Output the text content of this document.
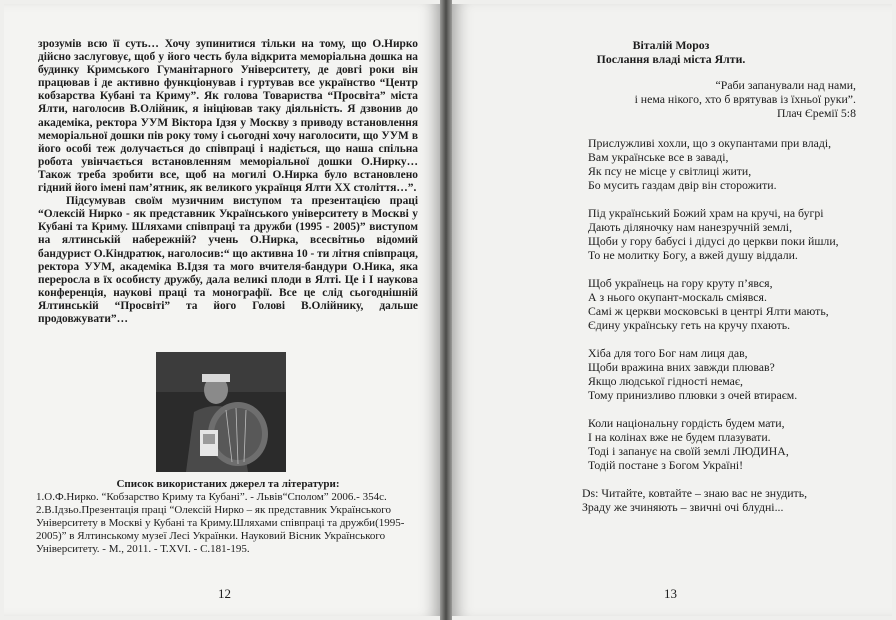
зрозумів всю її суть… Хочу зупинитися тільки на тому, що О.Нирко дійсно заслуговує, щоб у його честь була відкрита меморіальна дошка на будинку Кримського Гуманітарного Університету, де довгі роки він працював і де активно функціонував і гуртував все українство “Центр кобзарства Кубані та Криму”. Як голова Товариства “Просвіта” міста Ялти, наголосив В.Олійник, я ініціював таку діяльність. Я дзвонив до академіка, ректора УУМ Віктора Ідзя у Москву з приводу встановлення меморіальної дошки пів року тому і сьогодні хочу наголосити, що УУМ в його особі теж долучається до співпраці і надіється, що наша спільна робота увінчається встановленням меморіальної дошки О.Нирку… Також треба зробити все, щоб на могилі О.Нирка було встановлено гідний його імені пам’ятник, як великого українця Ялти ХХ століття…”.

Підсумував своїм музичним виступом та презентацією праці “Олексій Нирко - як представник Українського університету в Москві у Кубані та Криму. Шляхами співпраці та дружби (1995 - 2005)” виступом на ялтинській набережній? учень О.Нирка, всесвітньо відомий бандурист О.Кіндратюк, наголосив:“ що активна 10 - ти літня співпраця, ректора УУМ, академіка В.Ідзя та мого вчителя-бандури О.Ника, яка переросла в їх особисту дружбу, дала великі плоди в Ялті. Це і І наукова конференція, наукові праці та монографії. Все це слід сьогоднішній Ялтинській “Просвіті” та його Голові В.Олійнику, дальше продовжувати”…

Список використаних джерел та літератури:

1.О.Ф.Нирко. “Кобзарство Криму та Кубані”. - Львів“Сполом” 2006.- 354с.

2.В.Ідзьо.Презентація праці “Олексій Нирко – як представник Українського Університету в Москві у Кубані та Криму.Шляхами співпраці та дружби(1995-2005)” в Ялтинському музеї Лесі Українки. Науковий Вісник Українського Університету. - М., 2011. - Т.XVI. - С.181-195.

12

Віталій Мороз

Послання владі міста Ялти.

“Раби запанували над нами,

і нема нікого, хто б врятував із їхньої руки”.

Плач Єремії 5:8

Прислужливі хохли, що з окупантами при владі,
Вам українське все в заваді,
Як псу не місце у світлиці жити,
Бо мусить газдам двір він сторожити.
Під український Божий храм на кручі, на бугрі
Дають діляночку нам нанезручній землі,
Щоби у гору бабусі і дідусі до церкви поки йшли,
То не молитку Богу, а вжей душу віддали.
Щоб українець на гору круту п’явся,
А з нього окупант-москаль сміявся.
Самі ж церкви московські в центрі Ялти мають,
Єдину українську геть на кручу пхають.
Хіба для того Бог нам лиця дав,
Щоби вражина вних завжди плював?
Якщо людської гідності немає,
Тому принизливо плювки з очей втираєм.
Коли національну гордість будем мати,
І на колінах вже не будем плазувати.
Тоді і запанує на своїй землі ЛЮДИНА,
Тодій постане з Богом Україні!
Ds: Читайте, ковтайте – знаю вас не знудить,
Зраду же зчиняють – звичні очі блудні...
13
